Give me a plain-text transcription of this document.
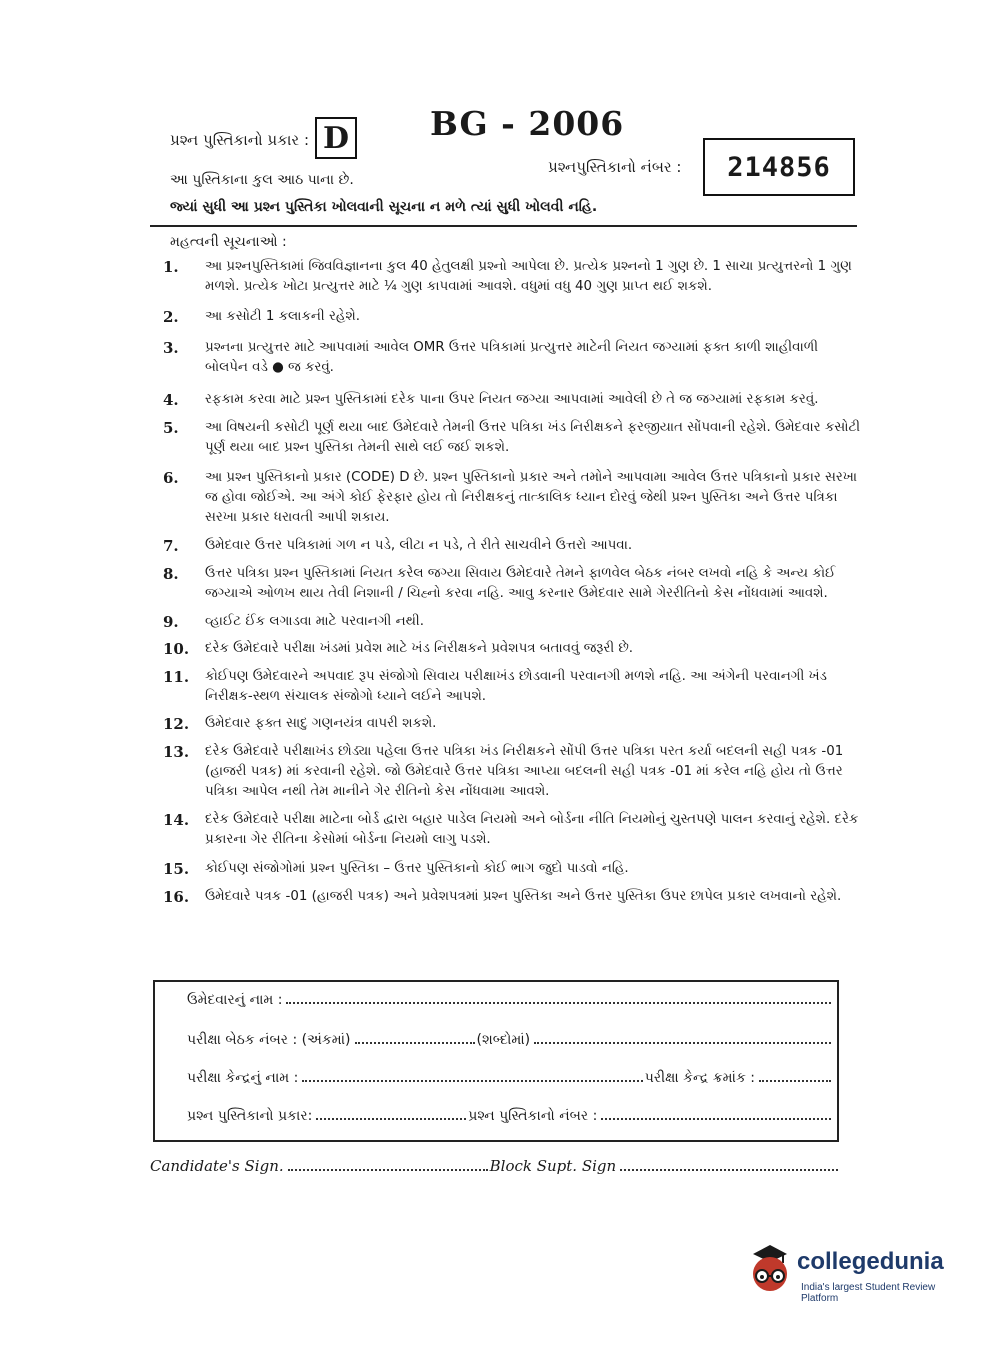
પ્રશ્ન પુસ્તિકાનો પ્રકાર : D BG - 2006
પ્રશ્નપુસ્તિકાનો નંબર :	214856
આ પુસ્તિકાના કુલ આઠ પાના છે.
જ્યાં સુધી આ પ્રશ્ન પુસ્તિકા ખોલવાની સૂચના ન મળે ત્યાં સુધી ખોલવી નહિ.
મહત્વની સૂચનાઓ :
1. આ પ્રશ્નપુસ્તિકામાં જિવવિજ્ઞાનના કુલ 40 હેતુલક્ષી પ્રશ્નો આપેલા છે. પ્રત્યેક પ્રશ્નનો 1 ગુણ છે. 1 સાચા પ્રત્યુત્તરનો 1 ગુણ મળશે. પ્રત્યેક ખોટા પ્રત્યુત્તર માટે ¼ ગુણ કાપવામાં આવશે. વધુમાં વધુ 40 ગુણ પ્રાપ્ત થઈ શકશે.
2. આ કસોટી 1 કલાકની રહેશે.
3. પ્રશ્નના પ્રત્યુત્તર માટે આપવામાં આવેલ OMR ઉત્તર પત્રિકામાં પ્રત્યુત્તર માટેની નિયત જગ્યામાં ફક્ત કાળી શાહીવાળી બોલપેન વડે ● જ કરવું.
4. રફકામ કરવા માટે પ્રશ્ન પુસ્તિકામાં દરેક પાના ઉપર નિયત જગ્યા આપવામાં આવેલી છે તે જ જગ્યામાં રફકામ કરવું.
5. આ વિષયની કસોટી પૂર્ણ થયા બાદ ઉમેદવારે તેમની ઉત્તર પત્રિકા ખંડ નિરીક્ષકને ફરજીયાત સોંપવાની રહેશે. ઉમેદવાર કસોટી પૂર્ણ થયા બાદ પ્રશ્ન પુસ્તિકા તેમની સાથે લઈ જઈ શકશે.
6. આ પ્રશ્ન પુસ્તિકાનો પ્રકાર (CODE) D છે. પ્રશ્ન પુસ્તિકાનો પ્રકાર અને તમોને આપવામા આવેલ ઉત્તર પત્રિકાનો પ્રકાર સરખા જ હોવા જોઈએ. આ અંગે કોઈ ફેરફાર હોય તો નિરીક્ષકનું તાત્કાલિક ધ્યાન દોરવું જેથી પ્રશ્ન પુસ્તિકા અને ઉત્તર પત્રિકા સરખા પ્રકાર ધરાવતી આપી શકાય.
7. ઉમેદવાર ઉત્તર પત્રિકામાં ગળ ન પડે, લીટા ન પડે, તે રીતે સાચવીને ઉત્તરો આપવા.
8. ઉત્તર પત્રિકા પ્રશ્ન પુસ્તિકામાં નિયત કરેલ જગ્યા સિવાય ઉમેદવારે તેમને ફાળવેલ બેઠક નંબર લખવો નહિ કે અન્ય કોઈ જગ્યાએ ઓળખ થાય તેવી નિશાની / ચિહ્નો કરવા નહિ. આવુ કરનાર ઉમેદવાર સામે ગેરરીતિનો કેસ નોંધવામાં આવશે.
9. વ્હાઈટ ઈંક લગાડવા માટે પરવાનગી નથી.
10. દરેક ઉમેદવારે પરીક્ષા ખંડમાં પ્રવેશ માટે ખંડ નિરીક્ષકને પ્રવેશપત્ર બતાવવું જરૂરી છે.
11. કોઈપણ ઉમેદવારને અપવાદ રૂપ સંજોગો સિવાય પરીક્ષાખંડ છોડવાની પરવાનગી મળશે નહિ. આ અંગેની પરવાનગી ખંડ નિરીક્ષક-સ્થળ સંચાલક સંજોગો ધ્યાને લઈને આપશે.
12. ઉમેદવાર ફક્ત સાદુ ગણનયંત્ર વાપરી શકશે.
13. દરેક ઉમેદવારે પરીક્ષાખંડ છોડ્યા પહેલા ઉત્તર પત્રિકા ખંડ નિરીક્ષકને સોંપી ઉત્તર પત્રિકા પરત કર્યા બદલની સહી પત્રક -01 (હાજરી પત્રક) માં કરવાની રહેશે. જો ઉમેદવારે ઉત્તર પત્રિકા આપ્યા બદલની સહી પત્રક -01 માં કરેલ નહિ હોય તો ઉત્તર પત્રિકા આપેલ નથી તેમ માનીને ગેર રીતિનો કેસ નોંધવામા આવશે.
14. દરેક ઉમેદવારે પરીક્ષા માટેના બોર્ડ દ્વારા બહાર પાડેલ નિયમો અને બોર્ડના નીતિ નિયમોનું ચુસ્તપણે પાલન કરવાનું રહેશે. દરેક પ્રકારના ગેર રીતિના કેસોમાં બોર્ડના નિયમો લાગુ પડશે.
15. કોઈપણ સંજોગોમાં પ્રશ્ન પુસ્તિકા – ઉત્તર પુસ્તિકાનો કોઈ ભાગ જુદો પાડવો નહિ.
16. ઉમેદવારે પત્રક -01 (હાજરી પત્રક) અને પ્રવેશપત્રમાં પ્રશ્ન પુસ્તિકા અને ઉત્તર પુસ્તિકા ઉપર છાપેલ પ્રકાર લખવાનો રહેશે.
ઉમેદવારનું નામ :
પરીક્ષા બેઠક નંબર : (અંકમાં)	(શબ્દોમાં)
પરીક્ષા કેન્દ્રનું નામ :	પરીક્ષા કેન્દ્ર ક્રમાંક :
પ્રશ્ન પુસ્તિકાનો પ્રકાર:	પ્રશ્ન પુસ્તિકાનો નંબર :
Candidate's Sign.	Block Supt. Sign
collegedunia
India's largest Student Review Platform
